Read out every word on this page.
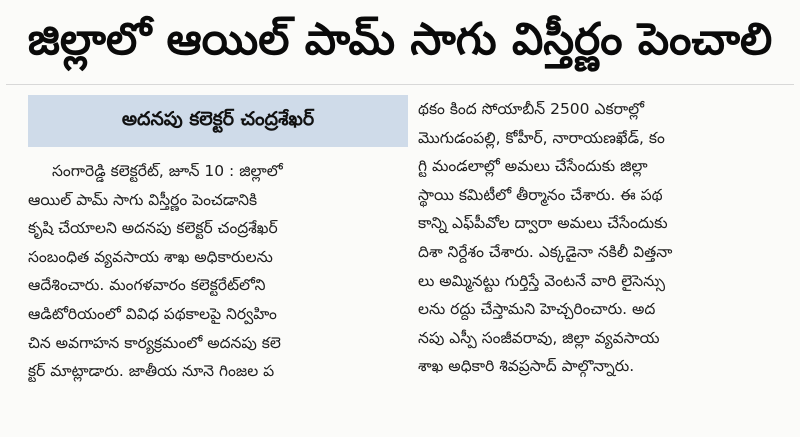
జిల్లాలో ఆయిల్ పామ్ సాగు విస్తీర్ణం పెంచాలి
అదనపు కలెక్టర్ చంద్రశేఖర్
సంగారెడ్డి కలెక్టరేట్, జూన్ 10 : జిల్లాలో
ఆయిల్ పామ్ సాగు విస్తీర్ణం పెంచడానికి
కృషి చేయాలని అదనపు కలెక్టర్ చంద్రశేఖర్
సంబంధిత వ్యవసాయ శాఖ అధికారులను
ఆదేశించారు. మంగళవారం కలెక్టరేట్‌లోని
ఆడిటోరియంలో వివిధ పథకాలపై నిర్వహిం
చిన అవగాహన కార్యక్రమంలో అదనపు కలె
క్టర్ మాట్లాడారు. జాతీయ నూనె గింజల ప
థకం కింద సోయాబీన్ 2500 ఎకరాల్లో
మొగుడంపల్లి, కోహీర్, నారాయణఖేడ్, కం
గ్టి మండలాల్లో అమలు చేసేందుకు జిల్లా
స్థాయి కమిటీలో తీర్మానం చేశారు. ఈ పథ
కాన్ని ఎఫ్‌పీవోల ద్వారా అమలు చేసేందుకు
దిశా నిర్దేశం చేశారు. ఎక్కడైనా నకిలీ విత్తనా
లు అమ్మినట్టు గుర్తిస్తే వెంటనే వారి లైసెన్సు
లను రద్దు చేస్తామని హెచ్చరించారు. అద
నపు ఎస్పీ సంజీవరావు, జిల్లా వ్యవసాయ
శాఖ అధికారి శివప్రసాద్ పాల్గొన్నారు.
